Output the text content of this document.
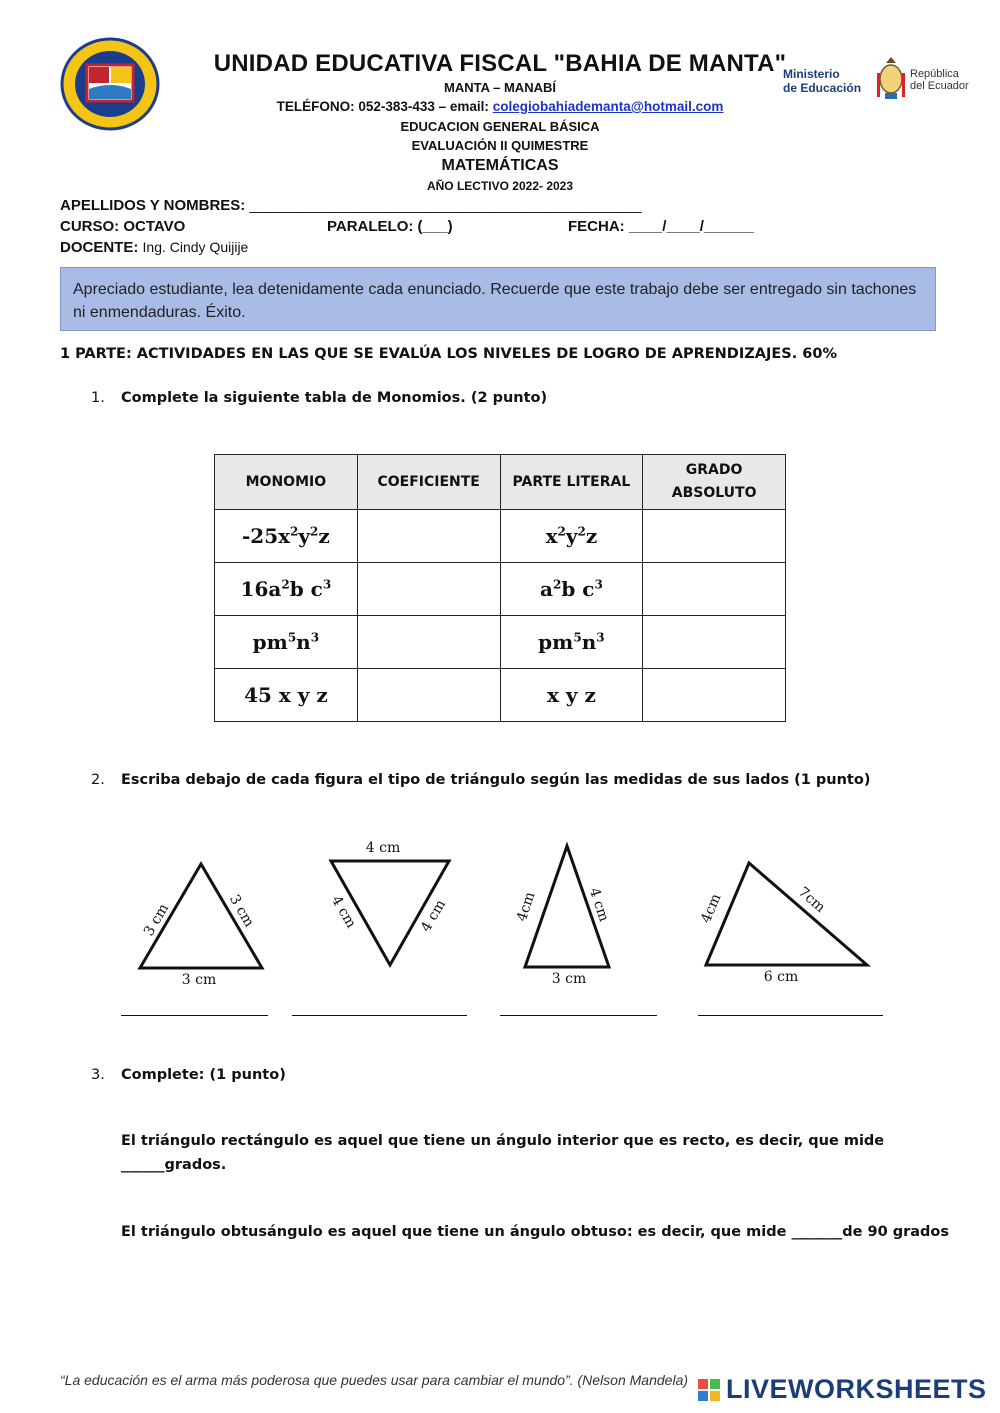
Ministerio
de Educación
República
del Ecuador
UNIDAD EDUCATIVA FISCAL "BAHIA DE MANTA"
MANTA – MANABÍ
TELÉFONO: 052-383-433 – email: colegiobahiademanta@hotmail.com
EDUCACION GENERAL BÁSICA
EVALUACIÓN II QUIMESTRE
MATEMÁTICAS
AÑO LECTIVO 2022- 2023
APELLIDOS Y NOMBRES: _______________________________________________
CURSO: OCTAVO	PARALELO: (___)	FECHA: ____/____/______
DOCENTE: Ing. Cindy Quijije
Apreciado estudiante, lea detenidamente cada enunciado. Recuerde que este trabajo debe ser entregado sin tachones ni enmendaduras. Éxito.
1 PARTE: ACTIVIDADES EN LAS QUE SE EVALÚA LOS NIVELES DE LOGRO DE APRENDIZAJES. 60%
1. Complete la siguiente tabla de Monomios. (2 punto)
MONOMIO	COEFICIENTE	PARTE LITERAL	GRADO ABSOLUTO
$-25x^2y^2z$		$x^2y^2z$	
$16a^2b$ $c^3$		$a^2b$ $c^3$	
$pm^5n^3$		$pm^5n^3$	
45 x y z		x y z	
2. Escriba debajo de cada figura el tipo de triángulo según las medidas de sus lados (1 punto)
3 cm	3 cm
3 cm
4 cm
4 cm	4 cm	4cm	4 cm
3 cm
4cm	7cm
6 cm
3. Complete: (1 punto)
El triángulo rectángulo es aquel que tiene un ángulo interior que es recto, es decir, que mide
______grados.
El triángulo obtusángulo es aquel que tiene un ángulo obtuso: es decir, que mide _______de 90 grados
“La educación es el arma más poderosa que puedes usar para cambiar el mundo”. (Nelson Mandela) LIVEWORKSHEETS
